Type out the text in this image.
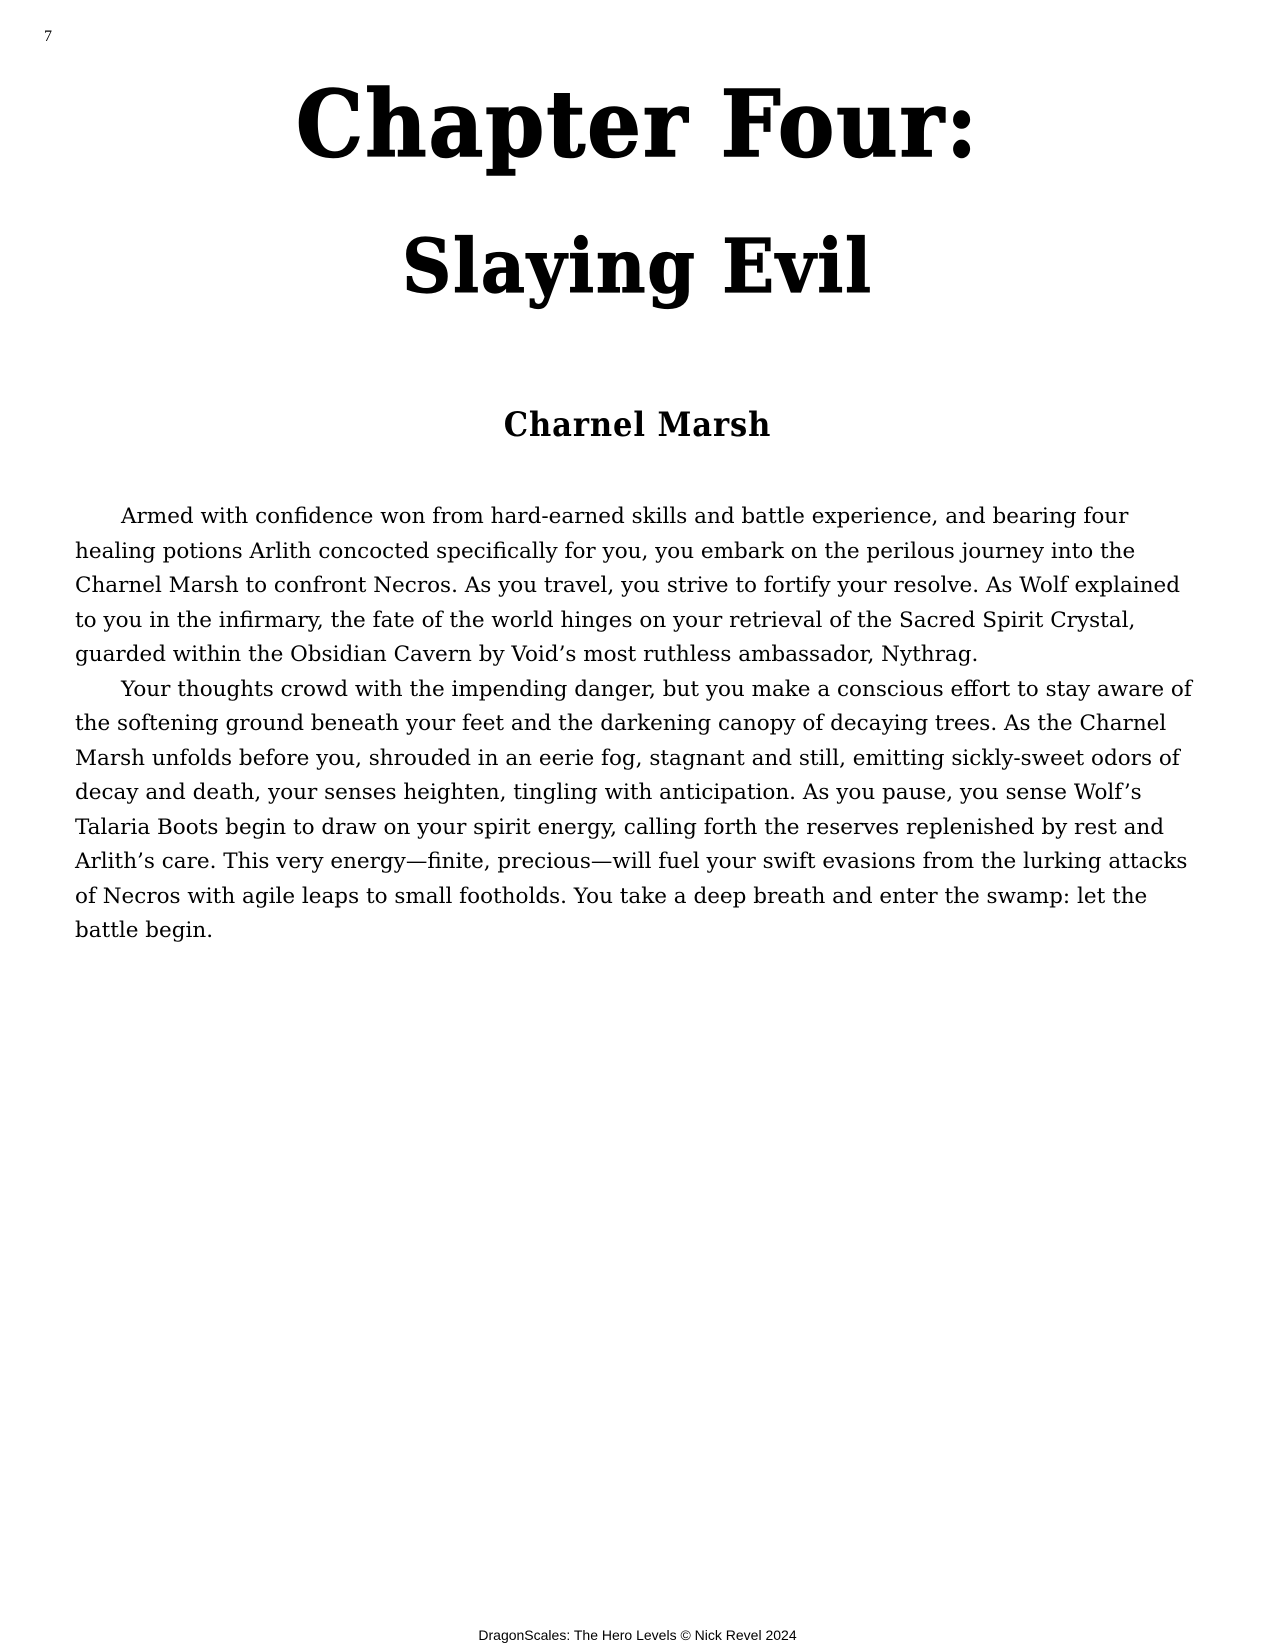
7
Chapter Four:
Slaying Evil
Charnel Marsh

Armed with confidence won from hard-earned skills and battle experience, and bearing four healing potions Arlith concocted specifically for you, you embark on the perilous journey into the Charnel Marsh to confront Necros. As you travel, you strive to fortify your resolve. As Wolf explained to you in the infirmary, the fate of the world hinges on your retrieval of the Sacred Spirit Crystal, guarded within the Obsidian Cavern by Void’s most ruthless ambassador, Nythrag.

Your thoughts crowd with the impending danger, but you make a conscious effort to stay aware of the softening ground beneath your feet and the darkening canopy of decaying trees. As the Charnel Marsh unfolds before you, shrouded in an eerie fog, stagnant and still, emitting sickly-sweet odors of decay and death, your senses heighten, tingling with anticipation. As you pause, you sense Wolf’s Talaria Boots begin to draw on your spirit energy, calling forth the reserves replenished by rest and Arlith’s care. This very energy—finite, precious—will fuel your swift evasions from the lurking attacks of Necros with agile leaps to small footholds. You take a deep breath and enter the swamp: let the battle begin.

DragonScales: The Hero Levels © Nick Revel 2024
